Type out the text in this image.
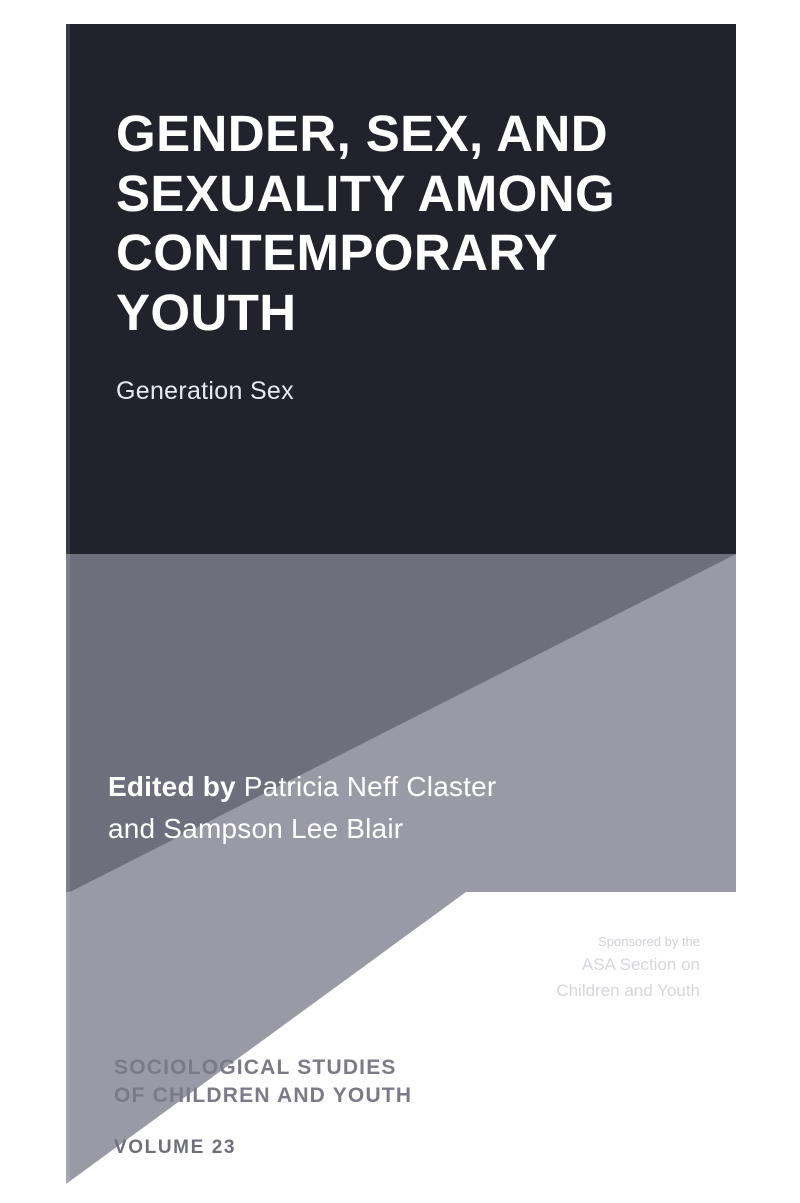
GENDER, SEX, AND SEXUALITY AMONG CONTEMPORARY YOUTH

Generation Sex

Edited by Patricia Neff Claster
and Sampson Lee Blair
Sponsored by the
ASA Section on
Children and Youth
SOCIOLOGICAL STUDIES
OF CHILDREN AND YOUTH
VOLUME 23
